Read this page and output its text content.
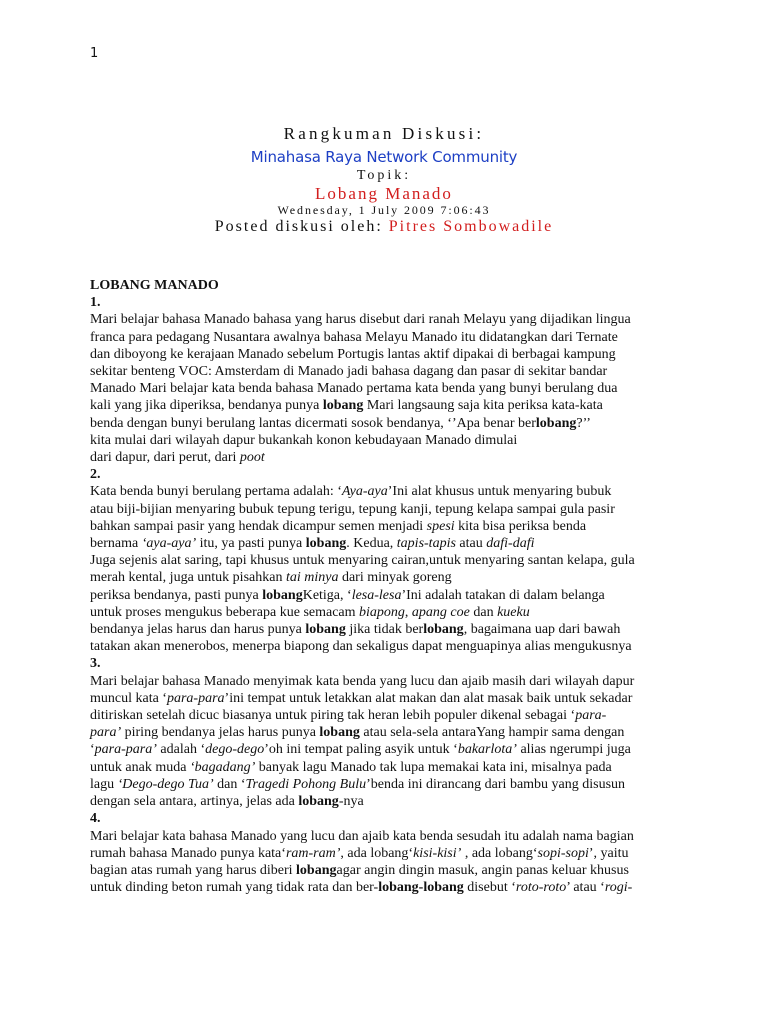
1
Rangkuman Diskusi:
Minahasa Raya Network Community
Topik:
Lobang Manado
Wednesday, 1 July 2009 7:06:43
Posted diskusi oleh: Pitres Sombowadile

LOBANG MANADO

1.

Mari belajar bahasa Manado bahasa yang harus disebut dari ranah Melayu yang dijadikan lingua

franca para pedagang Nusantara awalnya bahasa Melayu Manado itu didatangkan dari Ternate

dan diboyong ke kerajaan Manado sebelum Portugis lantas aktif dipakai di berbagai kampung

sekitar benteng VOC: Amsterdam di Manado jadi bahasa dagang dan pasar di sekitar bandar

Manado Mari belajar kata benda bahasa Manado pertama kata benda yang bunyi berulang dua

kali yang jika diperiksa, bendanya punya lobang Mari langsaung saja kita periksa kata-kata

benda dengan bunyi berulang lantas dicermati sosok bendanya, ‘’Apa benar berlobang?’’

kita mulai dari wilayah dapur bukankah konon kebudayaan Manado dimulai

dari dapur, dari perut, dari poot

2.

Kata benda bunyi berulang pertama adalah: ‘Aya-aya’Ini alat khusus untuk menyaring bubuk

atau biji-bijian menyaring bubuk tepung terigu, tepung kanji, tepung kelapa sampai gula pasir

bahkan sampai pasir yang hendak dicampur semen menjadi spesi kita bisa periksa benda

bernama ‘aya-aya’ itu, ya pasti punya lobang. Kedua, tapis-tapis atau dafi-dafi

Juga sejenis alat saring, tapi khusus untuk menyaring cairan,untuk menyaring santan kelapa, gula

merah kental, juga untuk pisahkan tai minya dari minyak goreng

periksa bendanya, pasti punya lobangKetiga, ‘lesa-lesa’Ini adalah tatakan di dalam belanga

untuk proses mengukus beberapa kue semacam biapong, apang coe dan kueku

bendanya jelas harus dan harus punya lobang jika tidak berlobang, bagaimana uap dari bawah

tatakan akan menerobos, menerpa biapong dan sekaligus dapat menguapinya alias mengukusnya

3.

Mari belajar bahasa Manado menyimak kata benda yang lucu dan ajaib masih dari wilayah dapur

muncul kata ‘para-para’ini tempat untuk letakkan alat makan dan alat masak baik untuk sekadar

ditiriskan setelah dicuc biasanya untuk piring tak heran lebih populer dikenal sebagai ‘para-

para’ piring bendanya jelas harus punya lobang atau sela-sela antaraYang hampir sama dengan

‘para-para’ adalah ‘dego-dego’oh ini tempat paling asyik untuk ‘bakarlota’ alias ngerumpi juga

untuk anak muda ‘bagadang’ banyak lagu Manado tak lupa memakai kata ini, misalnya pada

lagu ‘Dego-dego Tua’ dan ‘Tragedi Pohong Bulu’benda ini dirancang dari bambu yang disusun

dengan sela antara, artinya, jelas ada lobang-nya

4.

Mari belajar kata bahasa Manado yang lucu dan ajaib kata benda sesudah itu adalah nama bagian

rumah bahasa Manado punya kata‘ram-ram’, ada lobang‘kisi-kisi’ , ada lobang‘sopi-sopi’, yaitu

bagian atas rumah yang harus diberi lobangagar angin dingin masuk, angin panas keluar khusus

untuk dinding beton rumah yang tidak rata dan ber-lobang-lobang disebut ‘roto-roto’ atau ‘rogi-
